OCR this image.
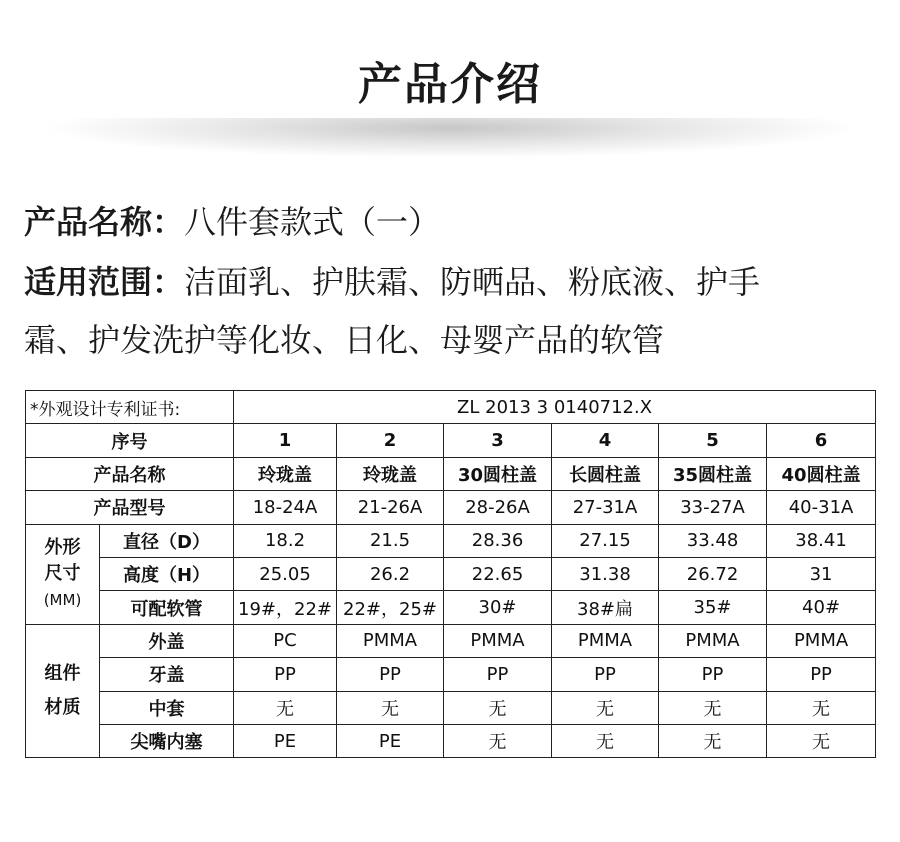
产品介绍
产品名称：八件套款式（一）
适用范围：洁面乳、护肤霜、防晒品、粉底液、护手
霜、护发洗护等化妆、日化、母婴产品的软管
*外观设计专利证书:		ZL 2013 3 0140712.X					
序号		1	2	3	4	5	6
产品名称		玲珑盖	玲珑盖	30圆柱盖	长圆柱盖	35圆柱盖	40圆柱盖
产品型号		18-24A	21-26A	28-26A	27-31A	33-27A	40-31A

外形
尺寸
(MM)	直径（D）	18.2	21.5	28.36	27.15	33.48	38.41
	高度（H）	25.05	26.2	22.65	31.38	26.72	31
	可配软管	19#，22#	22#，25#	30#	38#扁	35#	40#

组件
材质	外盖	PC	PMMA	PMMA	PMMA	PMMA	PMMA
	牙盖	PP	PP	PP	PP	PP	PP
	中套	无	无	无	无	无	无
	尖嘴内塞	PE	PE	无	无	无	无
